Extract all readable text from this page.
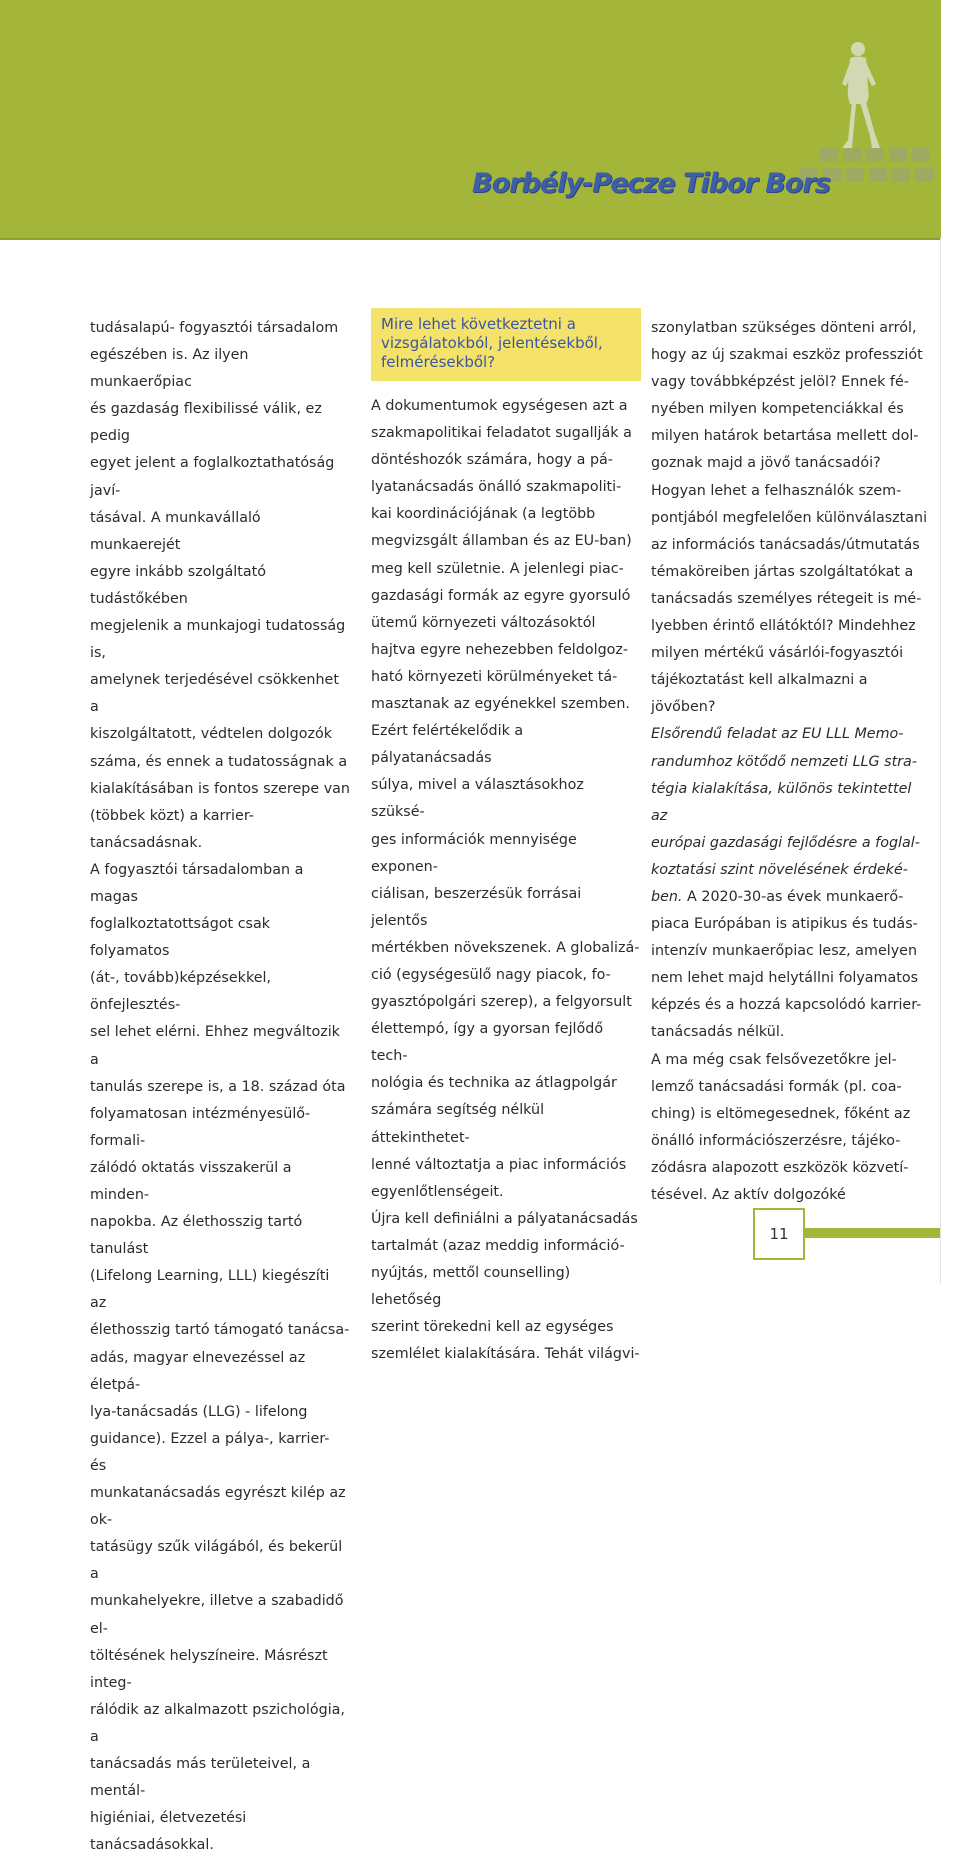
Borbély-Pecze Tibor Bors

tudásalapú- fogyasztói társadalom

egészében is. Az ilyen munkaerőpiac

és gazdaság flexibilissé válik, ez pedig

egyet jelent a foglalkoztathatóság javí-

tásával. A munkavállaló munkaerejét

egyre inkább szolgáltató tudástőkében

megjelenik a munkajogi tudatosság is,

amelynek terjedésével csökkenhet a

kiszolgáltatott, védtelen dolgozók

száma, és ennek a tudatosságnak a

kialakításában is fontos szerepe van

(többek közt) a karrier-tanácsadásnak.

A fogyasztói társadalomban a magas

foglalkoztatottságot csak folyamatos

(át-, tovább)képzésekkel, önfejlesztés-

sel lehet elérni. Ehhez megváltozik a

tanulás szerepe is, a 18. század óta

folyamatosan intézményesülő-formali-

zálódó oktatás visszakerül a minden-

napokba. Az élethosszig tartó tanulást

(Lifelong Learning, LLL) kiegészíti az

élethosszig tartó támogató tanácsa-

adás, magyar elnevezéssel az életpá-

lya-tanácsadás (LLG) - lifelong

guidance). Ezzel a pálya-, karrier- és

munkatanácsadás egyrészt kilép az ok-

tatásügy szűk világából, és bekerül a

munkahelyekre, illetve a szabadidő el-

töltésének helyszíneire. Másrészt integ-

rálódik az alkalmazott pszichológia, a

tanácsadás más területeivel, a mentál-

higiéniai, életvezetési tanácsadásokkal.

Mire lehet következtetni a vizsgálatokból, jelentésekből, felmérésekből?

A dokumentumok egységesen azt a

szakmapolitikai feladatot sugallják a

döntéshozók számára, hogy a pá-

lyatanácsadás önálló szakmapoliti-

kai koordinációjának (a legtöbb

megvizsgált államban és az EU-ban)

meg kell születnie. A jelenlegi piac-

gazdasági formák az egyre gyorsuló

ütemű környezeti változásoktól

hajtva egyre nehezebben feldolgoz-

ható környezeti körülményeket tá-

masztanak az egyénekkel szemben.

Ezért felértékelődik a pályatanácsadás

súlya, mivel a választásokhoz szüksé-

ges információk mennyisége exponen-

ciálisan, beszerzésük forrásai jelentős

mértékben növekszenek. A globalizá-

ció (egységesülő nagy piacok, fo-

gyasztópolgári szerep), a felgyorsult

élettempó, így a gyorsan fejlődő tech-

nológia és technika az átlagpolgár

számára segítség nélkül áttekinthetet-

lenné változtatja a piac információs

egyenlőtlenségeit.

Újra kell definiálni a pályatanácsadás

tartalmát (azaz meddig információ-

nyújtás, mettől counselling) lehetőség

szerint törekedni kell az egységes

szemlélet kialakítására. Tehát világvi-

szonylatban szükséges dönteni arról,

hogy az új szakmai eszköz professziót

vagy továbbképzést jelöl? Ennek fé-

nyében milyen kompetenciákkal és

milyen határok betartása mellett dol-

goznak majd a jövő tanácsadói?

Hogyan lehet a felhasználók szem-

pontjából megfelelően különválasztani

az információs tanácsadás/útmutatás

témaköreiben jártas szolgáltatókat a

tanácsadás személyes rétegeit is mé-

lyebben érintő ellátóktól? Mindehhez

milyen mértékű vásárlói-fogyasztói

tájékoztatást kell alkalmazni a

jövőben?

Elsőrendű feladat az EU LLL Memo-

randumhoz kötődő nemzeti LLG stra-

tégia kialakítása, különös tekintettel az

európai gazdasági fejlődésre a foglal-

koztatási szint növelésének érdeké-

ben. A 2020-30-as évek munkaerő-

piaca Európában is atipikus és tudás-

intenzív munkaerőpiac lesz, amelyen

nem lehet majd helytállni folyamatos

képzés és a hozzá kapcsolódó karrier-

tanácsadás nélkül.

A ma még csak felsővezetőkre jel-

lemző tanácsadási formák (pl. coa-

ching) is eltömegesednek, főként az

önálló információszerzésre, tájéko-

zódásra alapozott eszközök közvetí-

tésével. Az aktív dolgozóké

11
